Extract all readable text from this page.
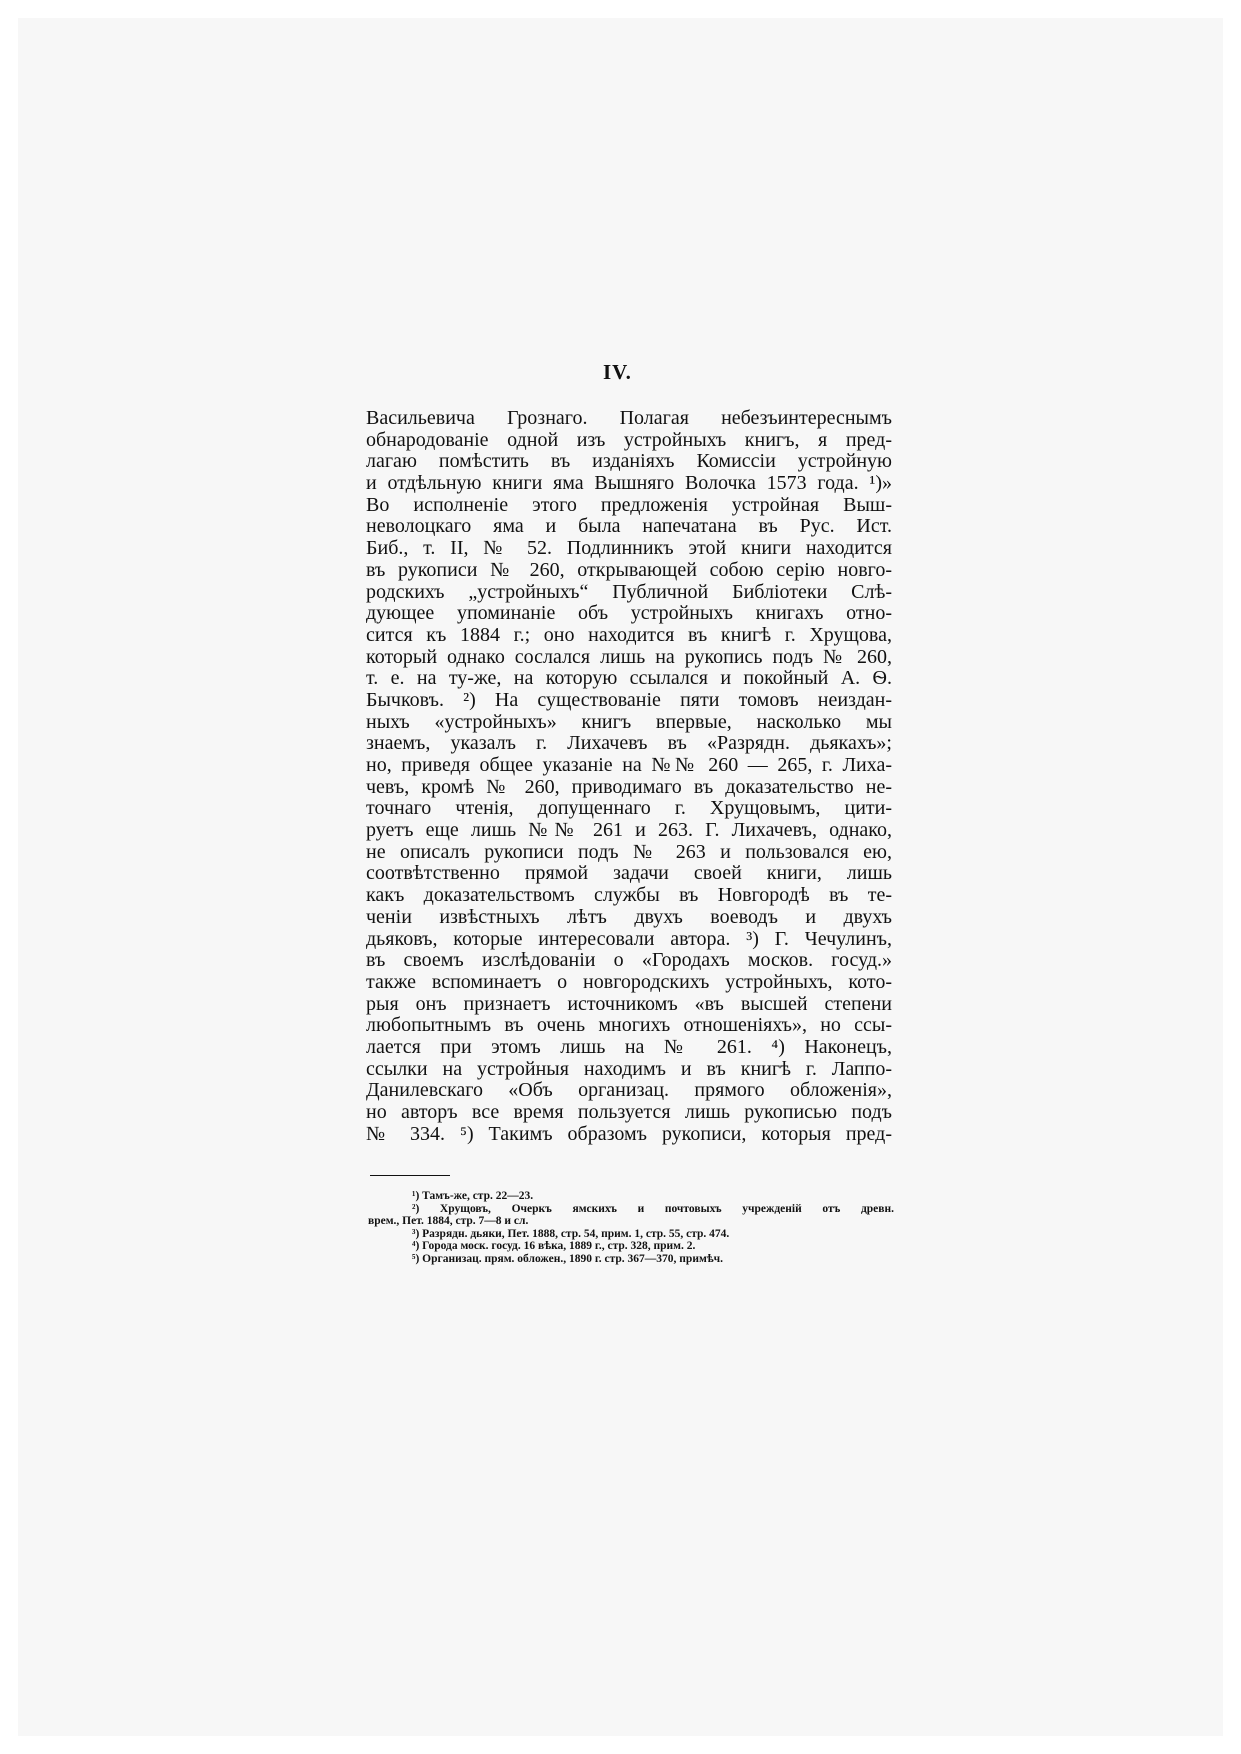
IV.
Васильевича Грознаго. Полагая небезъинтереснымъ
обнародованіе одной изъ устройныхъ книгъ, я пред-
лагаю помѣстить въ изданіяхъ Комиссіи устройную
и отдѣльную книги яма Вышняго Волочка 1573 года. ¹)»
Во исполненіе этого предложенія устройная Выш-
неволоцкаго яма и была напечатана въ Рус. Ист.
Биб., т. II, № 52. Подлинникъ этой книги находится
въ рукописи № 260, открывающей собою серію новго-
родскихъ „устройныхъ“ Публичной Библіотеки Слѣ-
дующее упоминаніе объ устройныхъ книгахъ отно-
сится къ 1884 г.; оно находится въ книгѣ г. Хрущова,
который однако сослался лишь на рукопись подъ № 260,
т. е. на ту-же, на которую ссылался и покойный А. Ѳ.
Бычковъ. ²) На существованіе пяти томовъ неиздан-
ныхъ «устройныхъ» книгъ впервые, насколько мы
знаемъ, указалъ г. Лихачевъ въ «Разрядн. дьякахъ»;
но, приведя общее указаніе на №№ 260 — 265, г. Лиха-
чевъ, кромѣ № 260, приводимаго въ доказательство не-
точнаго чтенія, допущеннаго г. Хрущовымъ, цити-
руетъ еще лишь №№ 261 и 263. Г. Лихачевъ, однако,
не описалъ рукописи подъ № 263 и пользовался ею,
соотвѣтственно прямой задачи своей книги, лишь
какъ доказательствомъ службы въ Новгородѣ въ те-
ченіи извѣстныхъ лѣтъ двухъ воеводъ и двухъ
дьяковъ, которые интересовали автора. ³) Г. Чечулинъ,
въ своемъ изслѣдованіи о «Городахъ москов. госуд.»
также вспоминаетъ о новгородскихъ устройныхъ, кото-
рыя онъ признаетъ источникомъ «въ высшей степени
любопытнымъ въ очень многихъ отношеніяхъ», но ссы-
лается при этомъ лишь на № 261. ⁴) Наконецъ,
ссылки на устройныя находимъ и въ книгѣ г. Лаппо-
Данилевскаго «Объ организац. прямого обложенія»,
но авторъ все время пользуется лишь рукописью подъ
№ 334. ⁵) Такимъ образомъ рукописи, которыя пред-
¹) Тамъ-же, стр. 22—23.
²) Хрущовъ, Очеркъ ямскихъ и почтовыхъ учрежденій отъ древн.
врем., Пет. 1884, стр. 7—8 и сл.
³) Разрядн. дьяки, Пет. 1888, стр. 54, прим. 1, стр. 55, стр. 474.
⁴) Города моск. госуд. 16 вѣка, 1889 г., стр. 328, прим. 2.
⁵) Организац. прям. обложен., 1890 г. стр. 367—370, примѣч.
